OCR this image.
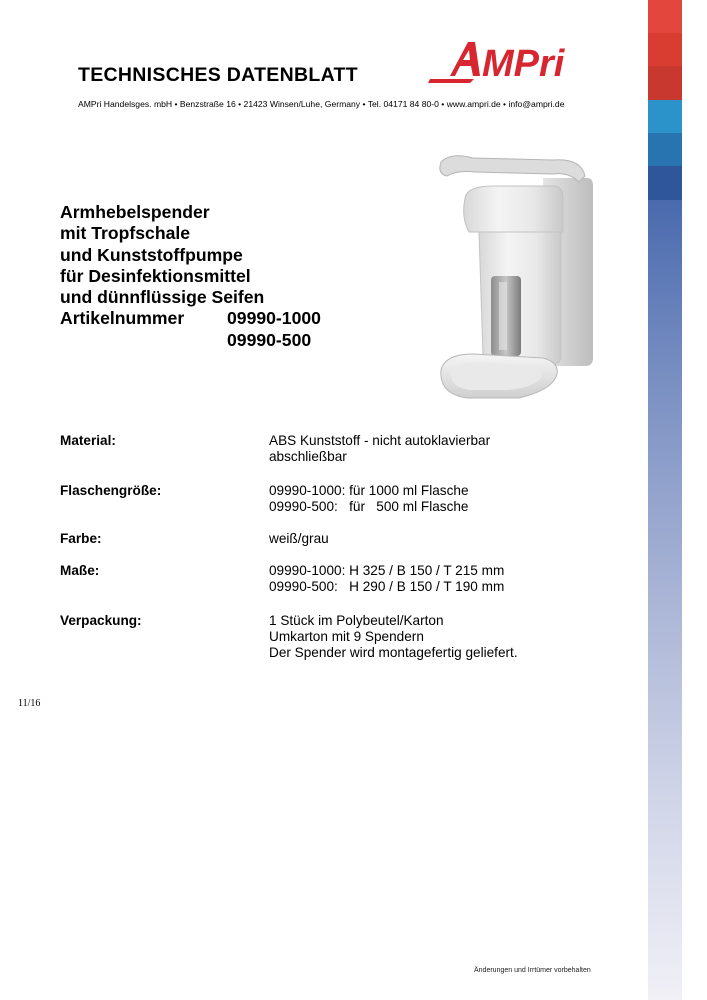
TECHNISCHES DATENBLATT
AMPri Handelsges. mbH • Benzstraße 16 • 21423 Winsen/Luhe, Germany • Tel. 04171 84 80-0 • www.ampri.de • info@ampri.de
MPri
Armhebelspender
mit Tropfschale
und Kunststoffpumpe
für Desinfektionsmittel
und dünnflüssige Seifen
Artikelnummer	09990-1000
09990-500
Material:	ABS Kunststoff - nicht autoklavierbar
abschließbar
Flaschengröße:	09990-1000: für 1000 ml Flasche
09990-500:   für   500 ml Flasche
Farbe:	weiß/grau
Maße:	09990-1000: H 325 / B 150 / T 215 mm
09990-500:   H 290 / B 150 / T 190 mm
Verpackung:	1 Stück im Polybeutel/Karton
Umkarton mit 9 Spendern
Der Spender wird montagefertig geliefert.
11/16
Änderungen und Irrtümer vorbehalten
